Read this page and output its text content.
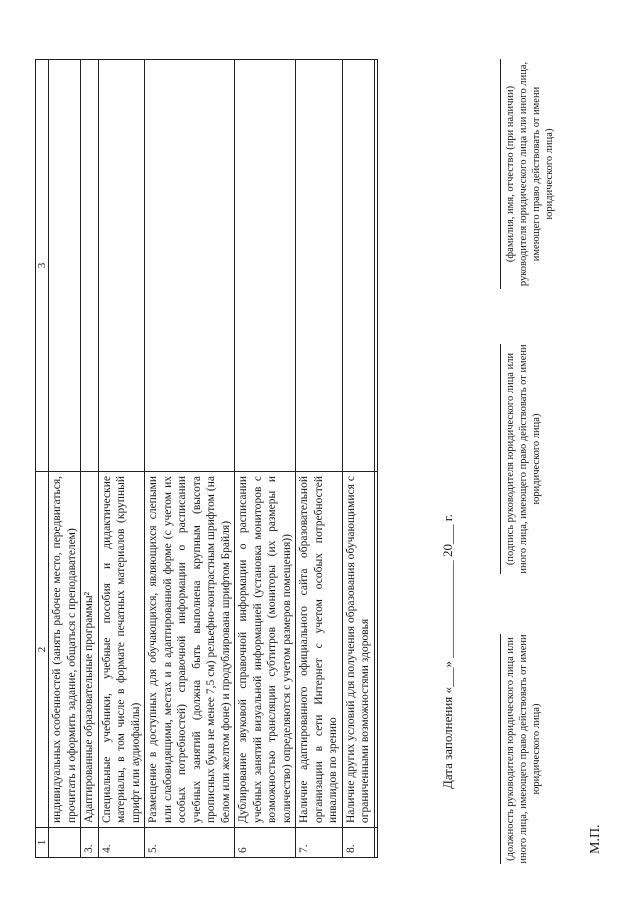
1	2	3
	индивидуальных особенностей (занять рабочее место, передвигаться, прочитать и оформить задание, общаться с преподавателем)	
3.	Адаптированные образовательные программы²	
4.	Специальные учебники, учебные пособия и дидактические материалы, в том числе в формате печатных материалов (крупный шрифт или аудиофайлы)	
5.	Размещение в доступных для обучающихся, являющихся слепыми или слабовидящими, местах и в адаптированной форме (с учетом их особых потребностей) справочной информации о расписании учебных занятий (должна быть выполнена крупным (высота прописных букв не менее 7,5 см) рельефно-контрастным шрифтом (на белом или желтом фоне) и продублирована шрифтом Брайля)	
6	Дублирование звуковой справочной информации о расписании учебных занятий визуальной информацией (установка мониторов с возможностью трансляции субтитров (мониторы (их размеры и количество) определяются с учетом размеров помещения))	
7.	Наличие адаптированного официального сайта образовательной организации в сети Интернет с учетом особых потребностей инвалидов по зрению	
8.	Наличие других условий для получения образования обучающимися с ограниченными возможностями здоровья	
			Дата заполнения «___» _______________ 20___ г.	(должность руководителя юридического лица или иного лица, имеющего право действовать от имени юридического лица)
(подпись руководителя юридического лица или иного лица, имеющего право действовать от имени юридического лица)
(фамилия, имя, отчество (при наличии) руководителя юридического лица или иного лица, имеющего право действовать от имени юридического лица)
М.П.
